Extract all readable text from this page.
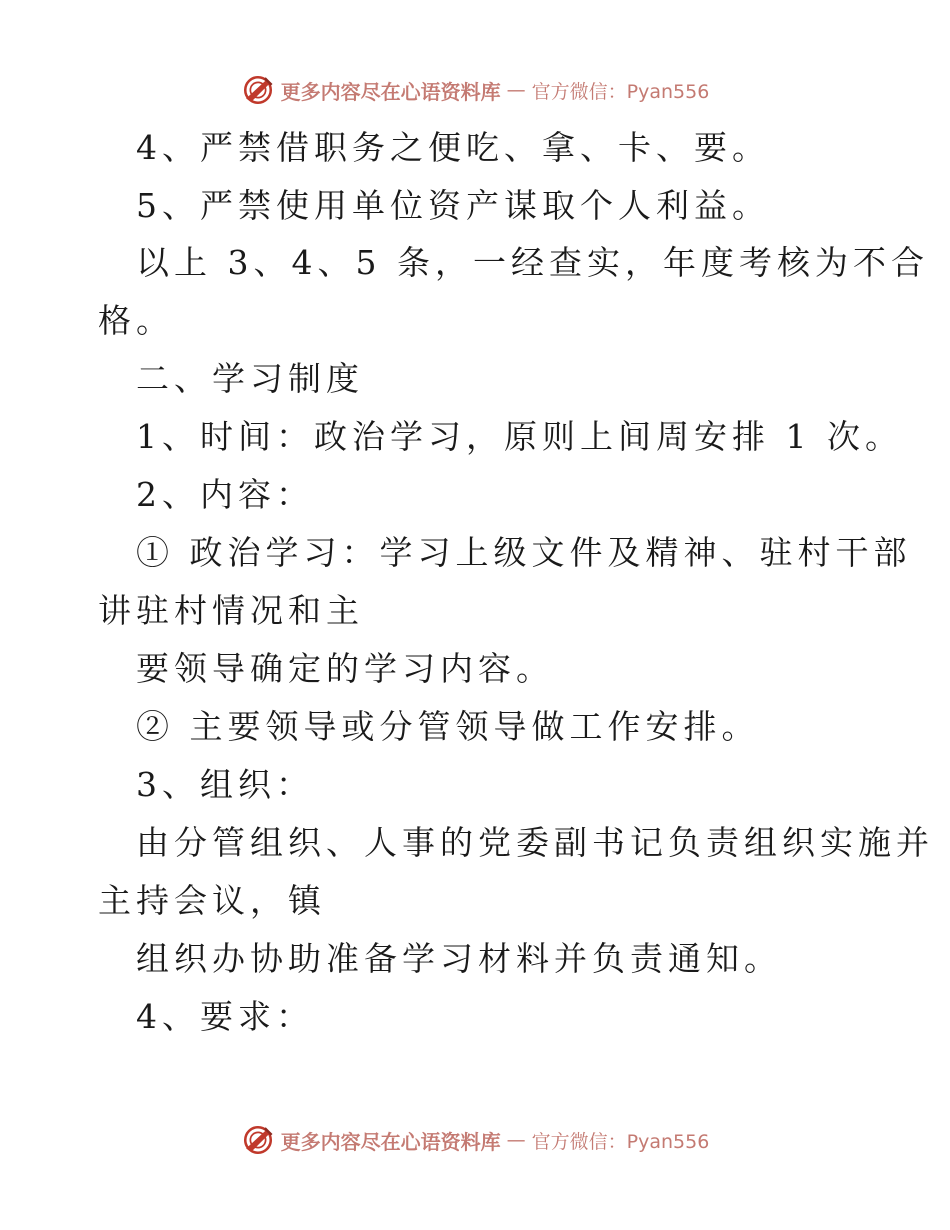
更多内容尽在心语资料库 — 官方微信：Pyan556
4、严禁借职务之便吃、拿、卡、要。
5、严禁使用单位资产谋取个人利益。
以上 3、4、5 条，一经查实，年度考核为不合
格。
二、学习制度
1、时间：政治学习，原则上间周安排 1 次。
2、内容：
① 政治学习：学习上级文件及精神、驻村干部
讲驻村情况和主
要领导确定的学习内容。
② 主要领导或分管领导做工作安排。
3、组织：
由分管组织、人事的党委副书记负责组织实施并
主持会议，镇
组织办协助准备学习材料并负责通知。
4、要求：
更多内容尽在心语资料库 — 官方微信：Pyan556
